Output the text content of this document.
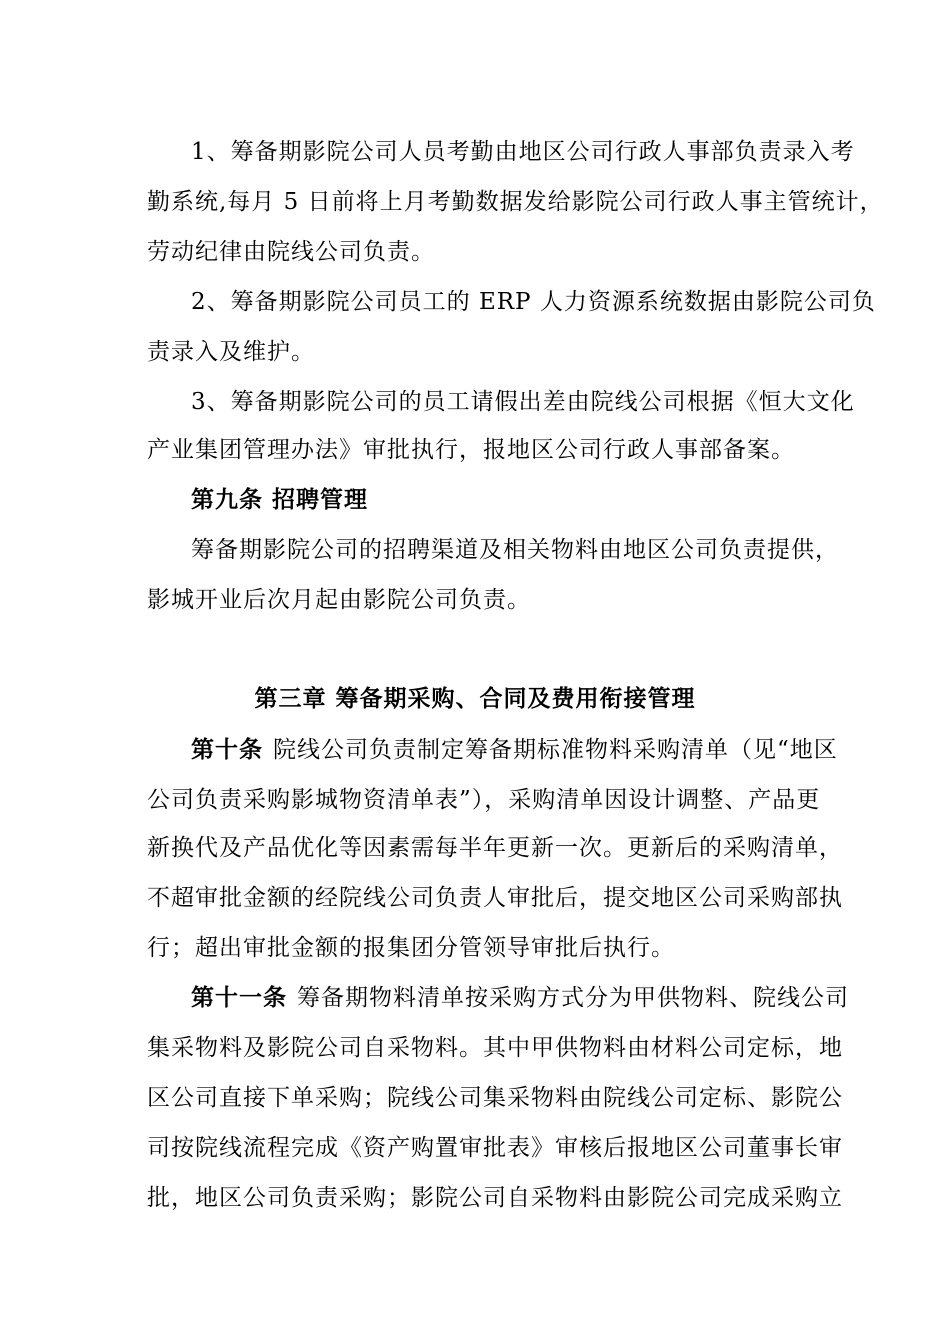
1、筹备期影院公司人员考勤由地区公司行政人事部负责录入考
勤系统,每月 5 日前将上月考勤数据发给影院公司行政人事主管统计，
劳动纪律由院线公司负责。
2、筹备期影院公司员工的 ERP 人力资源系统数据由影院公司负
责录入及维护。
3、筹备期影院公司的员工请假出差由院线公司根据《恒大文化
产业集团管理办法》审批执行，报地区公司行政人事部备案。
第九条 招聘管理
筹备期影院公司的招聘渠道及相关物料由地区公司负责提供，
影城开业后次月起由影院公司负责。
第三章 筹备期采购、合同及费用衔接管理
第十条 院线公司负责制定筹备期标准物料采购清单（见“地区
公司负责采购影城物资清单表”），采购清单因设计调整、产品更
新换代及产品优化等因素需每半年更新一次。更新后的采购清单，
不超审批金额的经院线公司负责人审批后，提交地区公司采购部执
行；超出审批金额的报集团分管领导审批后执行。
第十一条 筹备期物料清单按采购方式分为甲供物料、院线公司
集采物料及影院公司自采物料。其中甲供物料由材料公司定标，地
区公司直接下单采购；院线公司集采物料由院线公司定标、影院公
司按院线流程完成《资产购置审批表》审核后报地区公司董事长审
批，地区公司负责采购；影院公司自采物料由影院公司完成采购立
